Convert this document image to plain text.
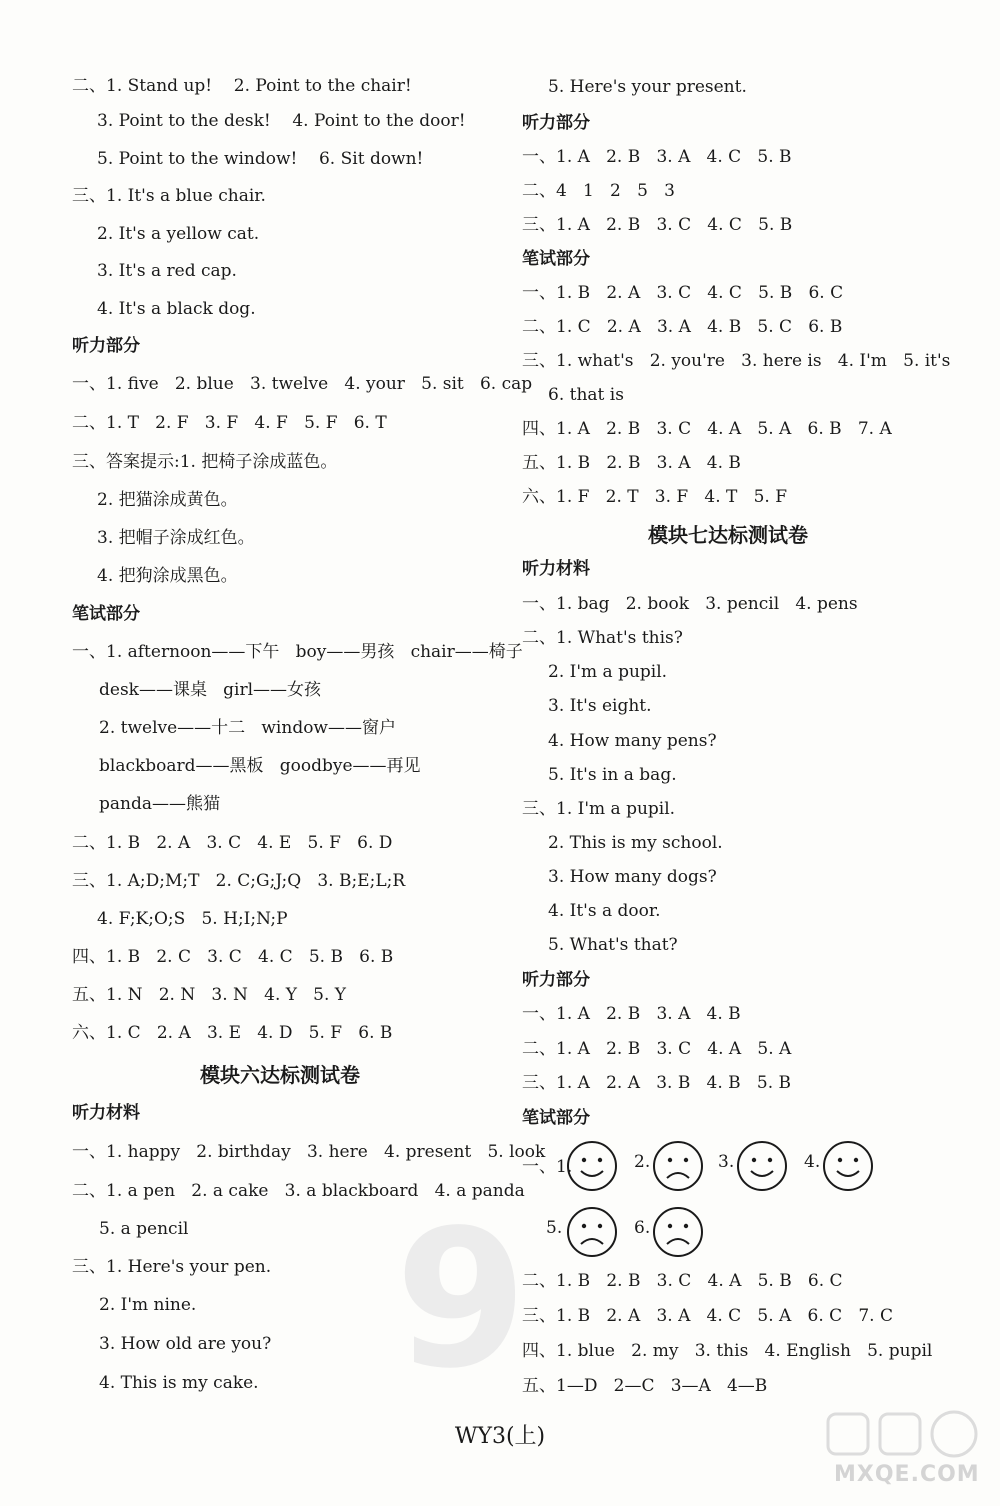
9
二、1. Stand up!    2. Point to the chair!
3. Point to the desk!    4. Point to the door!
5. Point to the window!    6. Sit down!
三、1. It's a blue chair.
2. It's a yellow cat.
3. It's a red cap.
4. It's a black dog.
听力部分
一、1. five   2. blue   3. twelve   4. your   5. sit   6. cap
二、1. T   2. F   3. F   4. F   5. F   6. T
三、答案提示:1. 把椅子涂成蓝色。
2. 把猫涂成黄色。
3. 把帽子涂成红色。
4. 把狗涂成黑色。
笔试部分
一、1. afternoon——下午   boy——男孩   chair——椅子
desk——课桌   girl——女孩
2. twelve——十二   window——窗户
blackboard——黑板   goodbye——再见
panda——熊猫
二、1. B   2. A   3. C   4. E   5. F   6. D
三、1. A;D;M;T   2. C;G;J;Q   3. B;E;L;R
4. F;K;O;S   5. H;I;N;P
四、1. B   2. C   3. C   4. C   5. B   6. B
五、1. N   2. N   3. N   4. Y   5. Y
六、1. C   2. A   3. E   4. D   5. F   6. B
模块六达标测试卷
听力材料
一、1. happy   2. birthday   3. here   4. present   5. look
二、1. a pen   2. a cake   3. a blackboard   4. a panda
5. a pencil
三、1. Here's your pen.
2. I'm nine.
3. How old are you?
4. This is my cake.
5. Here's your present.
听力部分
一、1. A   2. B   3. A   4. C   5. B
二、4   1   2   5   3
三、1. A   2. B   3. C   4. C   5. B
笔试部分
一、1. B   2. A   3. C   4. C   5. B   6. C
二、1. C   2. A   3. A   4. B   5. C   6. B
三、1. what's   2. you're   3. here is   4. I'm   5. it's
6. that is
四、1. A   2. B   3. C   4. A   5. A   6. B   7. A
五、1. B   2. B   3. A   4. B
六、1. F   2. T   3. F   4. T   5. F
模块七达标测试卷
听力材料
一、1. bag   2. book   3. pencil   4. pens
二、1. What's this?
2. I'm a pupil.
3. It's eight.
4. How many pens?
5. It's in a bag.
三、1. I'm a pupil.
2. This is my school.
3. How many dogs?
4. It's a door.
5. What's that?
听力部分
一、1. A   2. B   3. A   4. B
二、1. A   2. B   3. C   4. A   5. A
三、1. A   2. A   3. B   4. B   5. B
笔试部分
一、1.	2.	3.	4.
5.	6.
二、1. B   2. B   3. C   4. A   5. B   6. C
三、1. B   2. A   3. A   4. C   5. A   6. C   7. C
四、1. blue   2. my   3. this   4. English   5. pupil
五、1—D   2—C   3—A   4—B
WY3(上)
MXQE.COM
